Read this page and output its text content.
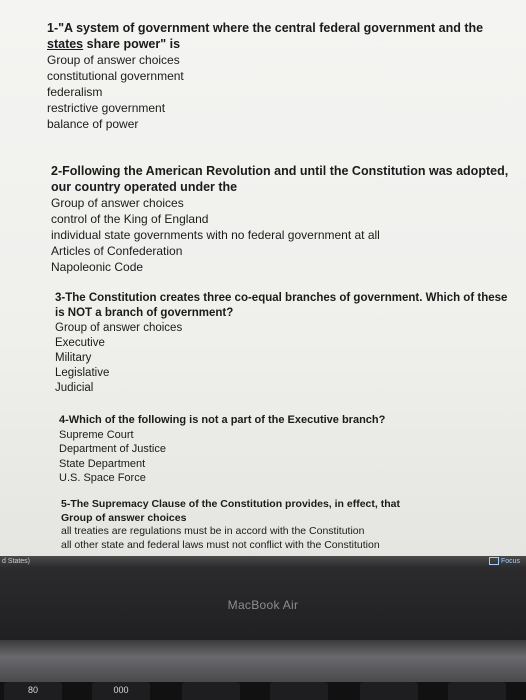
1-"A system of government where the central federal government and the states share power" is
Group of answer choices
constitutional government
federalism
restrictive government
balance of power
2-Following the American Revolution and until the Constitution was adopted, our country operated under the
Group of answer choices
control of the King of England
individual state governments with no federal government at all
Articles of Confederation
Napoleonic Code
3-The Constitution creates three co-equal branches of government. Which of these is NOT a branch of government?
Group of answer choices
Executive
Military
Legislative
Judicial
4-Which of the following is not a part of the Executive branch?
Supreme Court
Department of Justice
State Department
U.S. Space Force
5-The Supremacy Clause of the Constitution provides, in effect, that
Group of answer choices
all treaties are regulations must be in accord with the Constitution
all other state and federal laws must not conflict with the Constitution
d States)	Focus
MacBook Air
80	000
